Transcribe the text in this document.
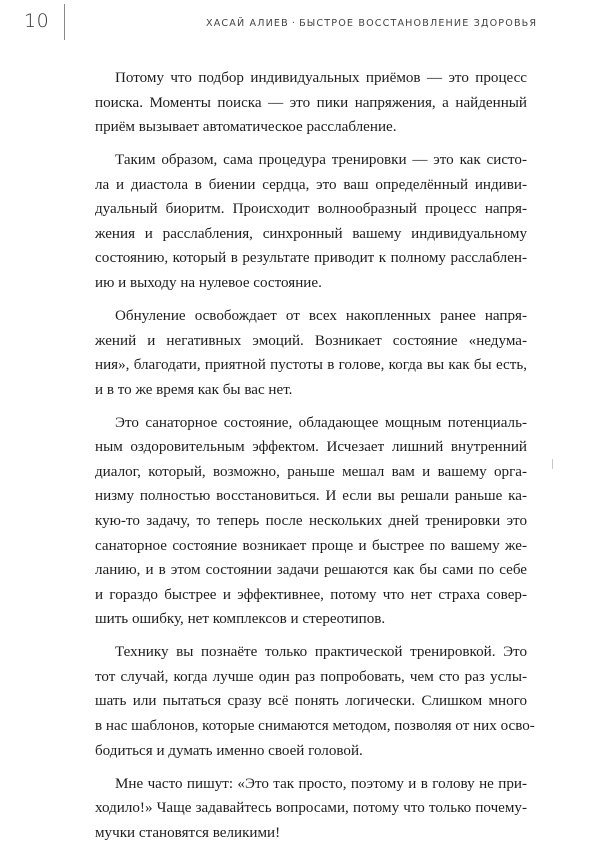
10	ХАСАЙ АЛИЕВ · БЫСТРОЕ ВОССТАНОВЛЕНИЕ ЗДОРОВЬЯ
Потому что подбор индивидуальных приёмов — это процесс
поиска. Моменты поиска — это пики напряжения, а найденный
приём вызывает автоматическое расслабление.
Таким образом, сама процедура тренировки — это как систо-
ла и диастола в биении сердца, это ваш определённый индиви-
дуальный биоритм. Происходит волнообразный процесс напря-
жения и расслабления, синхронный вашему индивидуальному
состоянию, который в результате приводит к полному расслаблен-
ию и выходу на нулевое состояние.
Обнуление освобождает от всех накопленных ранее напря-
жений и негативных эмоций. Возникает состояние «недума-
ния», благодати, приятной пустоты в голове, когда вы как бы есть,
и в то же время как бы вас нет.
Это санаторное состояние, обладающее мощным потенциаль-
ным оздоровительным эффектом. Исчезает лишний внутренний
диалог, который, возможно, раньше мешал вам и вашему орга-
низму полностью восстановиться. И если вы решали раньше ка-
кую-то задачу, то теперь после нескольких дней тренировки это
санаторное состояние возникает проще и быстрее по вашему же-
ланию, и в этом состоянии задачи решаются как бы сами по себе
и гораздо быстрее и эффективнее, потому что нет страха совер-
шить ошибку, нет комплексов и стереотипов.
Технику вы познаёте только практической тренировкой. Это
тот случай, когда лучше один раз попробовать, чем сто раз услы-
шать или пытаться сразу всё понять логически. Слишком много
в нас шаблонов, которые снимаются методом, позволяя от них осво-
бодиться и думать именно своей головой.
Мне часто пишут: «Это так просто, поэтому и в голову не при-
ходило!» Чаще задавайтесь вопросами, потому что только почему-
мучки становятся великими!
